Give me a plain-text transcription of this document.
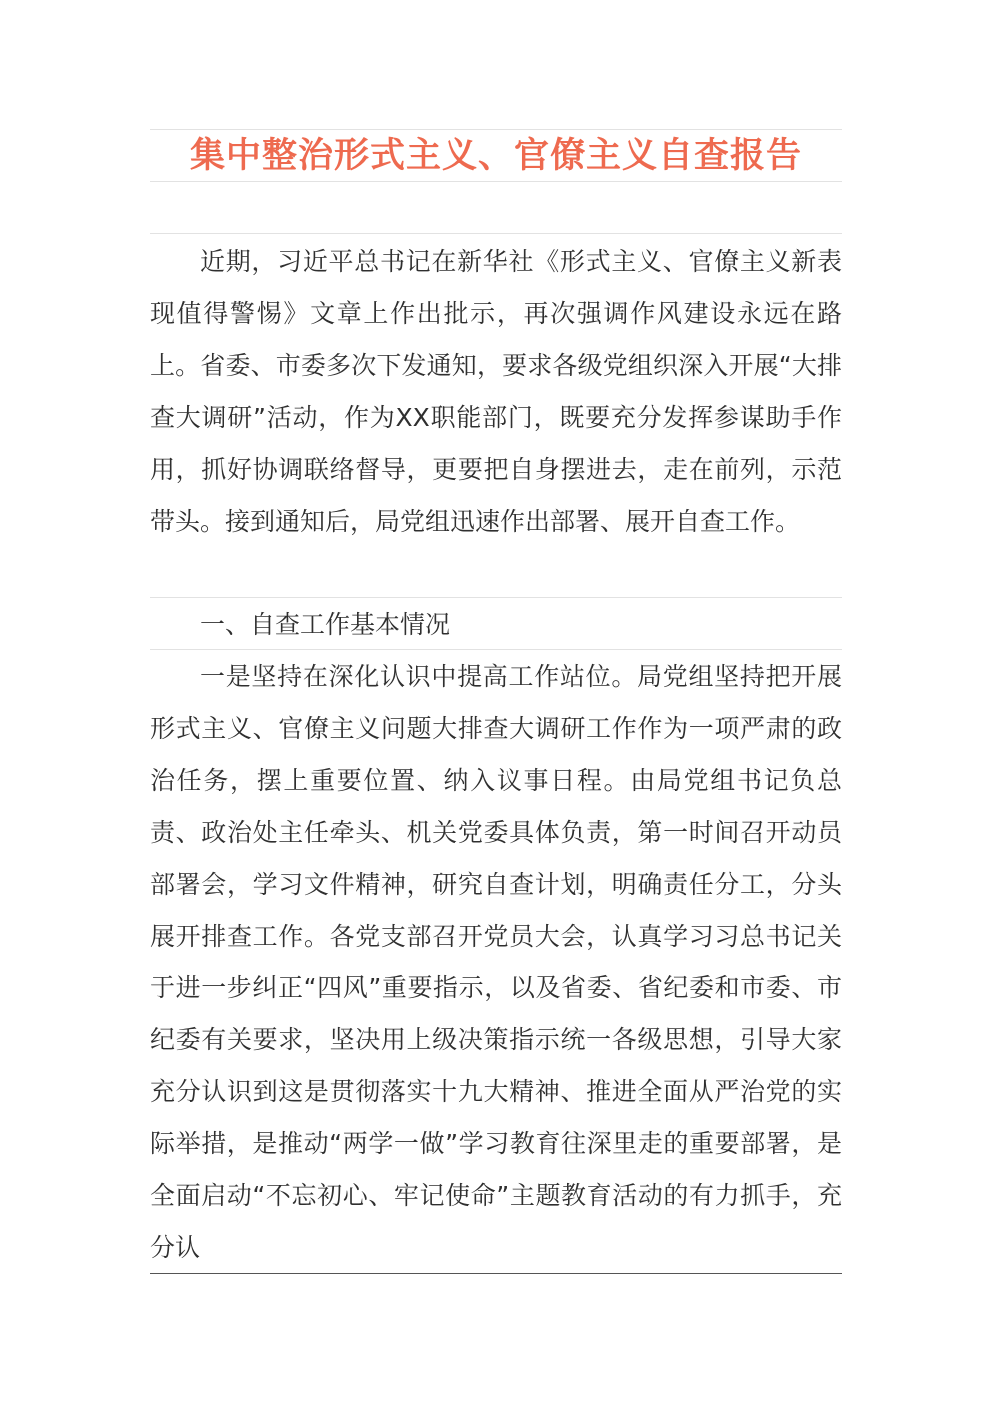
集中整治形式主义、官僚主义自查报告

近期，习近平总书记在新华社《形式主义、官僚主义新表现值得警惕》文章上作出批示，再次强调作风建设永远在路上。省委、市委多次下发通知，要求各级党组织深入开展“大排查大调研”活动，作为XX职能部门，既要充分发挥参谋助手作用，抓好协调联络督导，更要把自身摆进去，走在前列，示范带头。接到通知后，局党组迅速作出部署、展开自查工作。

一、自查工作基本情况

一是坚持在深化认识中提高工作站位。局党组坚持把开展形式主义、官僚主义问题大排查大调研工作作为一项严肃的政治任务，摆上重要位置、纳入议事日程。由局党组书记负总责、政治处主任牵头、机关党委具体负责，第一时间召开动员部署会，学习文件精神，研究自查计划，明确责任分工，分头展开排查工作。各党支部召开党员大会，认真学习习总书记关于进一步纠正“四风”重要指示，以及省委、省纪委和市委、市纪委有关要求，坚决用上级决策指示统一各级思想，引导大家充分认识到这是贯彻落实十九大精神、推进全面从严治党的实际举措，是推动“两学一做”学习教育往深里走的重要部署，是全面启动“不忘初心、牢记使命”主题教育活动的有力抓手，充分认
